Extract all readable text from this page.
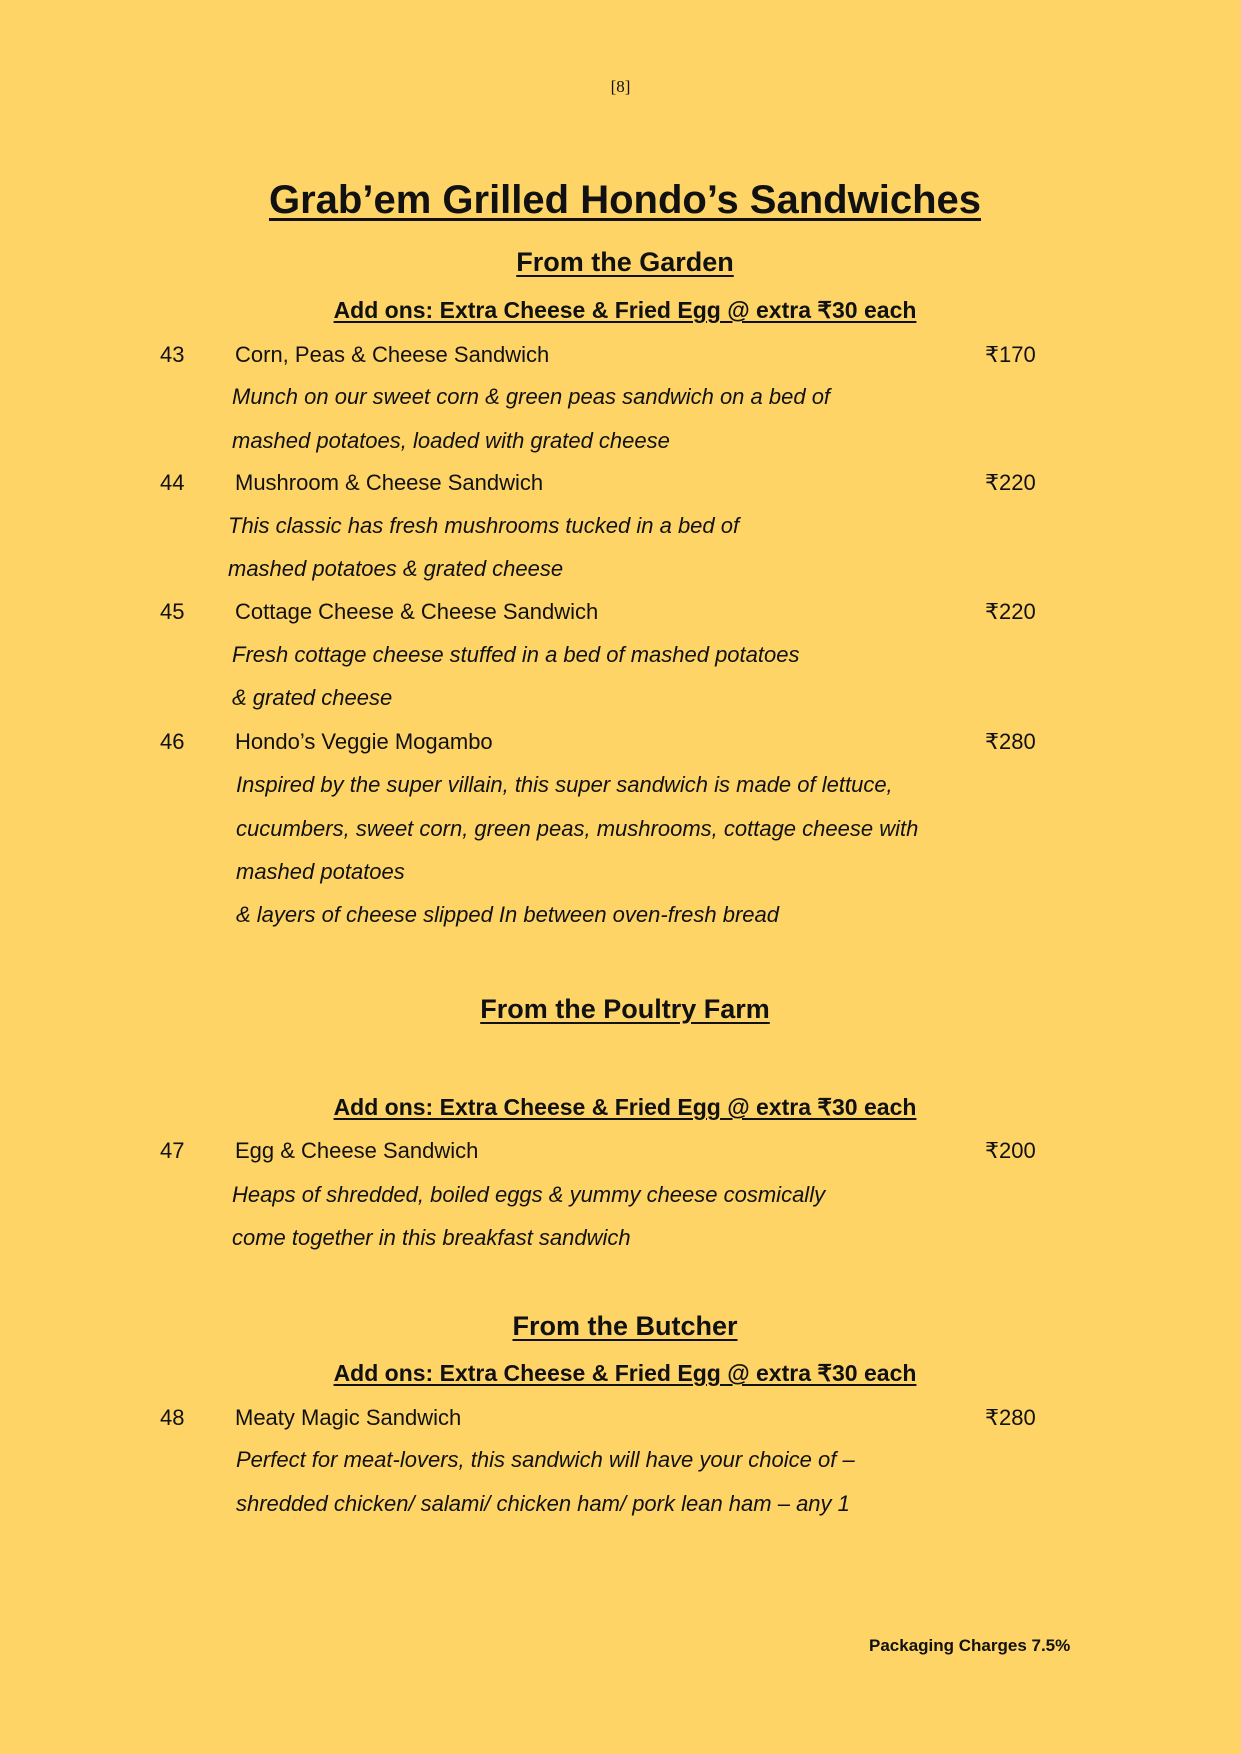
[8]
Grab’em Grilled Hondo’s Sandwiches
From the Garden
Add ons: Extra Cheese & Fried Egg @ extra ₹30 each
43 Corn, Peas & Cheese Sandwich	₹170
Munch on our sweet corn & green peas sandwich on a bed of
mashed potatoes, loaded with grated cheese
44 Mushroom & Cheese Sandwich	₹220
This classic has fresh mushrooms tucked in a bed of
mashed potatoes & grated cheese
45 Cottage Cheese & Cheese Sandwich	₹220
Fresh cottage cheese stuffed in a bed of mashed potatoes
& grated cheese
46 Hondo’s Veggie Mogambo	₹280
Inspired by the super villain, this super sandwich is made of lettuce,
cucumbers, sweet corn, green peas, mushrooms, cottage cheese with
mashed potatoes
& layers of cheese slipped In between oven-fresh bread
From the Poultry Farm
Add ons: Extra Cheese & Fried Egg @ extra ₹30 each
47 Egg & Cheese Sandwich	₹200
Heaps of shredded, boiled eggs & yummy cheese cosmically
come together in this breakfast sandwich
From the Butcher
Add ons: Extra Cheese & Fried Egg @ extra ₹30 each
48 Meaty Magic Sandwich	₹280
Perfect for meat-lovers, this sandwich will have your choice of –
shredded chicken/ salami/ chicken ham/ pork lean ham – any 1
Packaging Charges 7.5%
